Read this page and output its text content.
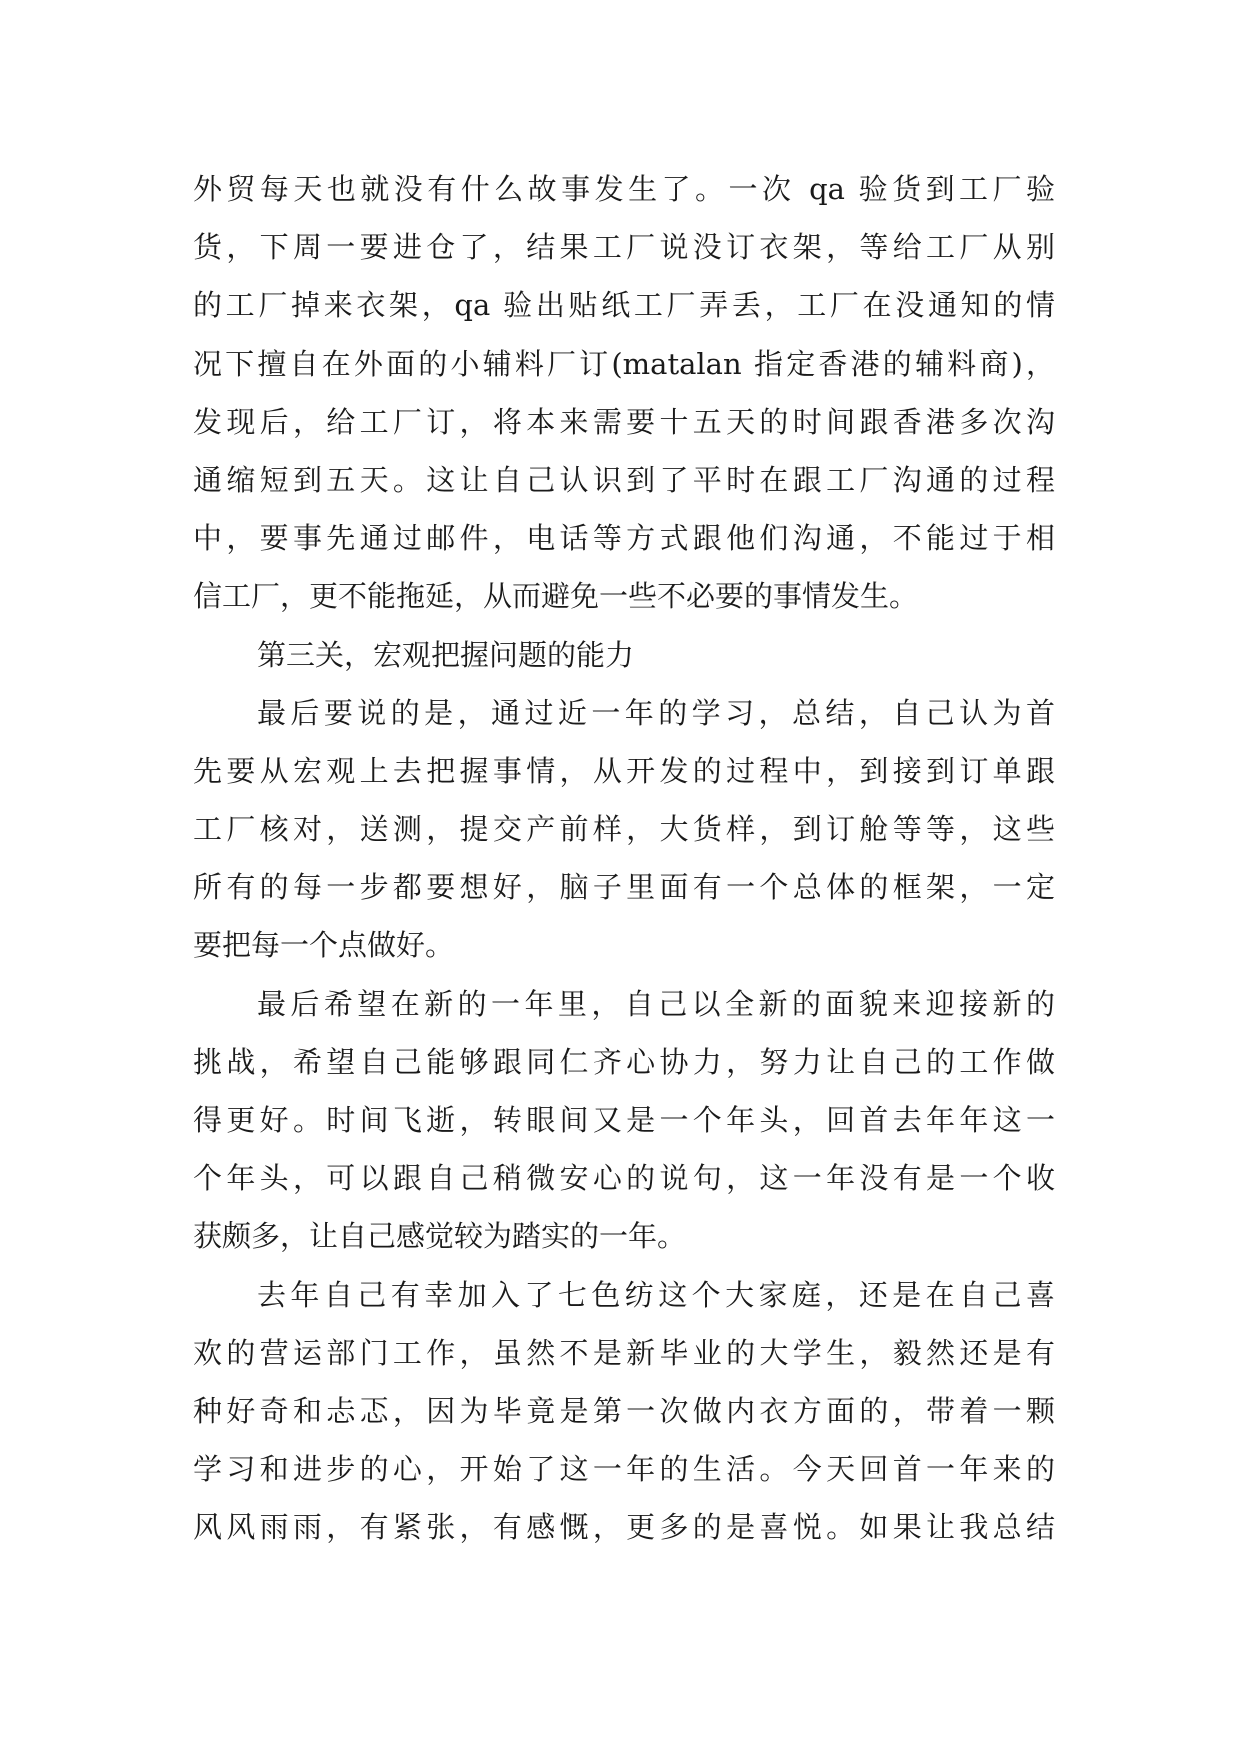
外贸每天也就没有什么故事发生了。一次 qa 验货到工厂验
货，下周一要进仓了，结果工厂说没订衣架，等给工厂从别
的工厂掉来衣架，qa 验出贴纸工厂弄丢，工厂在没通知的情
况下擅自在外面的小辅料厂订(matalan 指定香港的辅料商)，
发现后，给工厂订，将本来需要十五天的时间跟香港多次沟
通缩短到五天。这让自己认识到了平时在跟工厂沟通的过程
中，要事先通过邮件，电话等方式跟他们沟通，不能过于相
信工厂，更不能拖延，从而避免一些不必要的事情发生。

第三关，宏观把握问题的能力

最后要说的是，通过近一年的学习，总结，自己认为首
先要从宏观上去把握事情，从开发的过程中，到接到订单跟
工厂核对，送测，提交产前样，大货样，到订舱等等，这些
所有的每一步都要想好，脑子里面有一个总体的框架，一定
要把每一个点做好。

最后希望在新的一年里，自己以全新的面貌来迎接新的
挑战，希望自己能够跟同仁齐心协力，努力让自己的工作做
得更好。时间飞逝，转眼间又是一个年头，回首去年年这一
个年头，可以跟自己稍微安心的说句，这一年没有是一个收
获颇多，让自己感觉较为踏实的一年。

去年自己有幸加入了七色纺这个大家庭，还是在自己喜
欢的营运部门工作，虽然不是新毕业的大学生，毅然还是有
种好奇和忐忑，因为毕竟是第一次做内衣方面的，带着一颗
学习和进步的心，开始了这一年的生活。今天回首一年来的
风风雨雨，有紧张，有感慨，更多的是喜悦。如果让我总结
